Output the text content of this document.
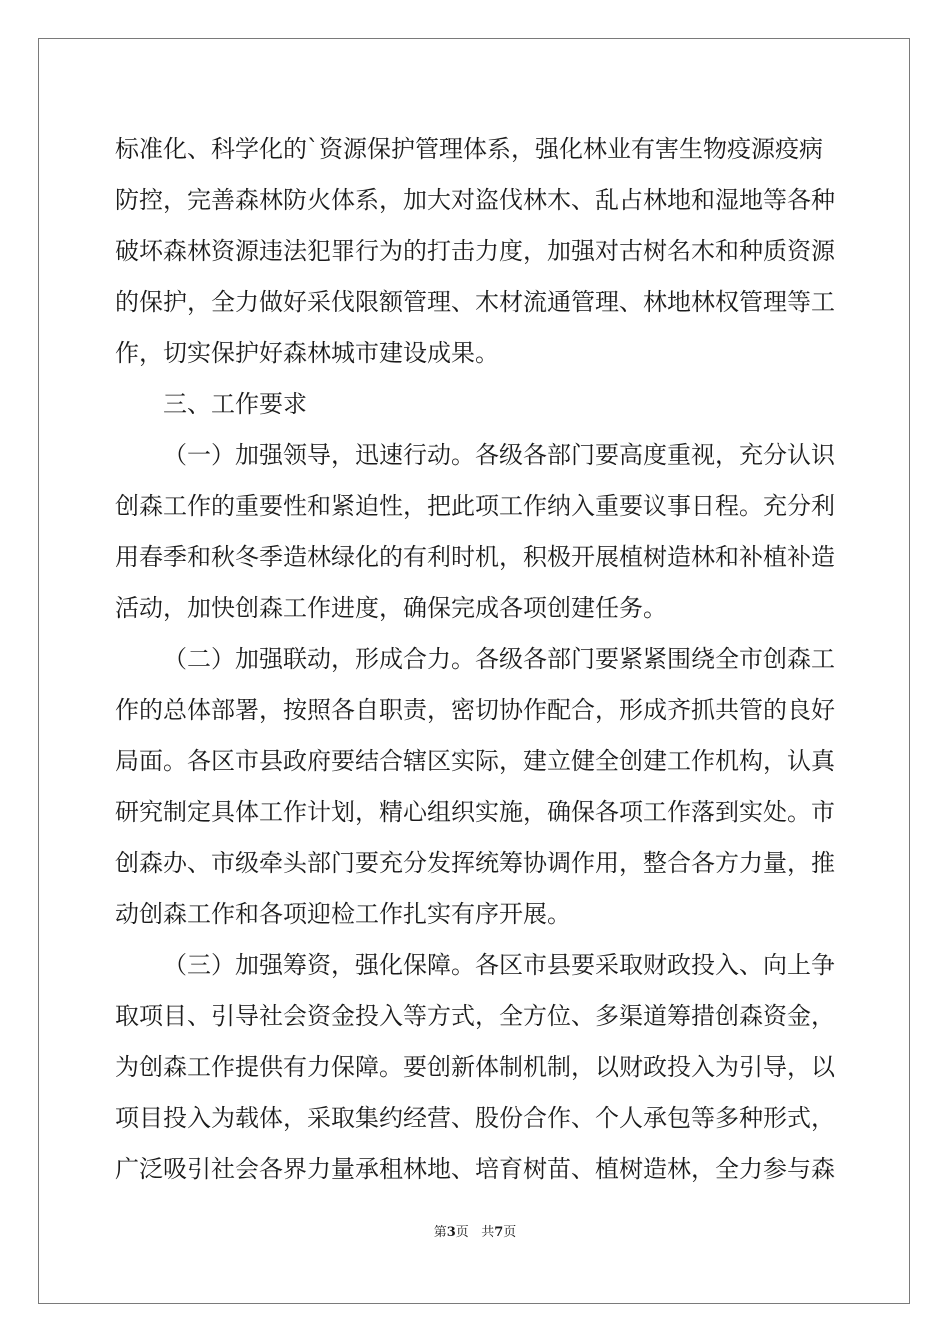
标准化、科学化的`资源保护管理体系，强化林业有害生物疫源疫病
防控，完善森林防火体系，加大对盗伐林木、乱占林地和湿地等各种
破坏森林资源违法犯罪行为的打击力度，加强对古树名木和种质资源
的保护，全力做好采伐限额管理、木材流通管理、林地林权管理等工
作，切实保护好森林城市建设成果。
三、工作要求
（一）加强领导，迅速行动。各级各部门要高度重视，充分认识
创森工作的重要性和紧迫性，把此项工作纳入重要议事日程。充分利
用春季和秋冬季造林绿化的有利时机，积极开展植树造林和补植补造
活动，加快创森工作进度，确保完成各项创建任务。
（二）加强联动，形成合力。各级各部门要紧紧围绕全市创森工
作的总体部署，按照各自职责，密切协作配合，形成齐抓共管的良好
局面。各区市县政府要结合辖区实际，建立健全创建工作机构，认真
研究制定具体工作计划，精心组织实施，确保各项工作落到实处。市
创森办、市级牵头部门要充分发挥统筹协调作用，整合各方力量，推
动创森工作和各项迎检工作扎实有序开展。
（三）加强筹资，强化保障。各区市县要采取财政投入、向上争
取项目、引导社会资金投入等方式，全方位、多渠道筹措创森资金，
为创森工作提供有力保障。要创新体制机制，以财政投入为引导，以
项目投入为载体，采取集约经营、股份合作、个人承包等多种形式，
广泛吸引社会各界力量承租林地、培育树苗、植树造林，全力参与森
第3页 共7页
